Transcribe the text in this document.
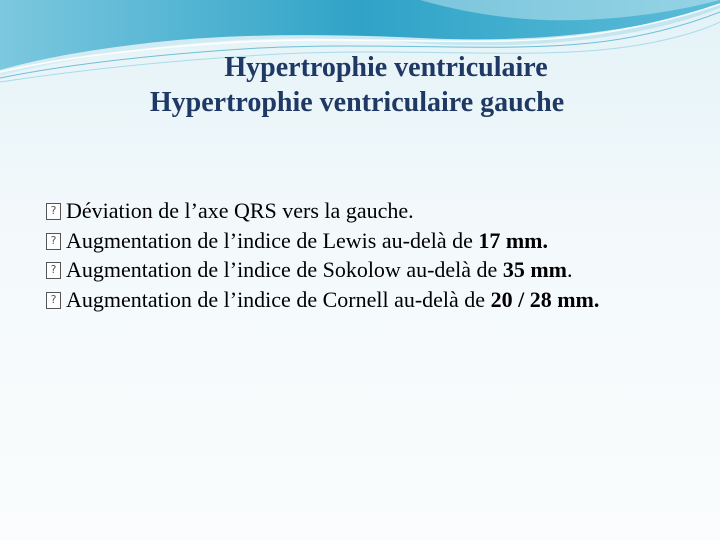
Hypertrophie ventriculaire
Hypertrophie ventriculaire gauche
?
Déviation de l’axe QRS vers la gauche.
?
Augmentation de l’indice de Lewis au-delà de 17 mm.
?
Augmentation de l’indice de Sokolow au-delà de 35 mm.
?
Augmentation de l’indice de Cornell au-delà de 20 / 28 mm.
